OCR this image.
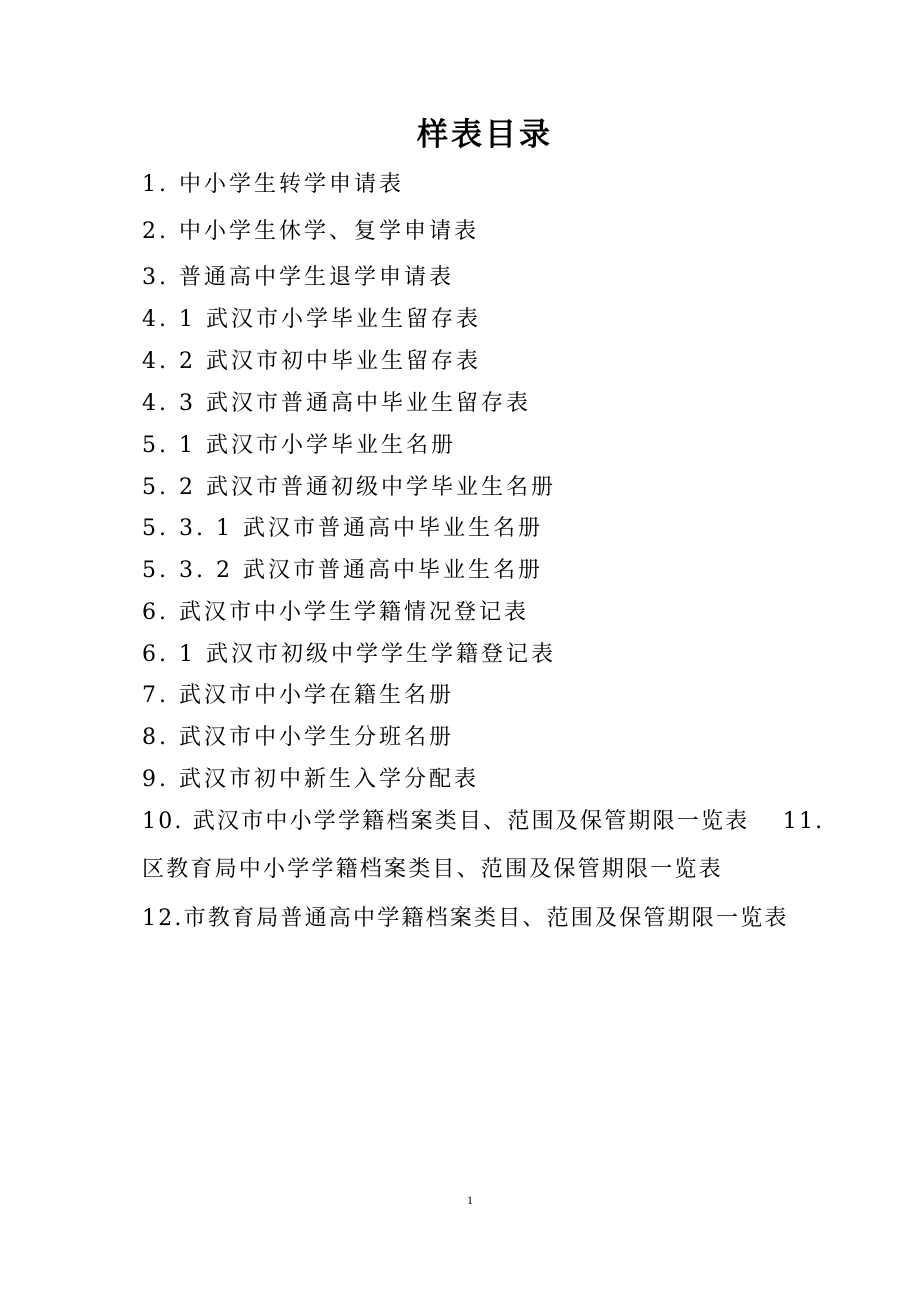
样表目录
1. 中小学生转学申请表
2. 中小学生休学、复学申请表
3. 普通高中学生退学申请表
4. 1 武汉市小学毕业生留存表
4. 2 武汉市初中毕业生留存表
4. 3 武汉市普通高中毕业生留存表
5. 1 武汉市小学毕业生名册
5. 2 武汉市普通初级中学毕业生名册
5. 3. 1 武汉市普通高中毕业生名册
5. 3. 2 武汉市普通高中毕业生名册
6. 武汉市中小学生学籍情况登记表
6. 1 武汉市初级中学学生学籍登记表
7. 武汉市中小学在籍生名册
8. 武汉市中小学生分班名册
9. 武汉市初中新生入学分配表
10. 武汉市中小学学籍档案类目、范围及保管期限一览表　 11.
区教育局中小学学籍档案类目、范围及保管期限一览表
12.市教育局普通高中学籍档案类目、范围及保管期限一览表
1
